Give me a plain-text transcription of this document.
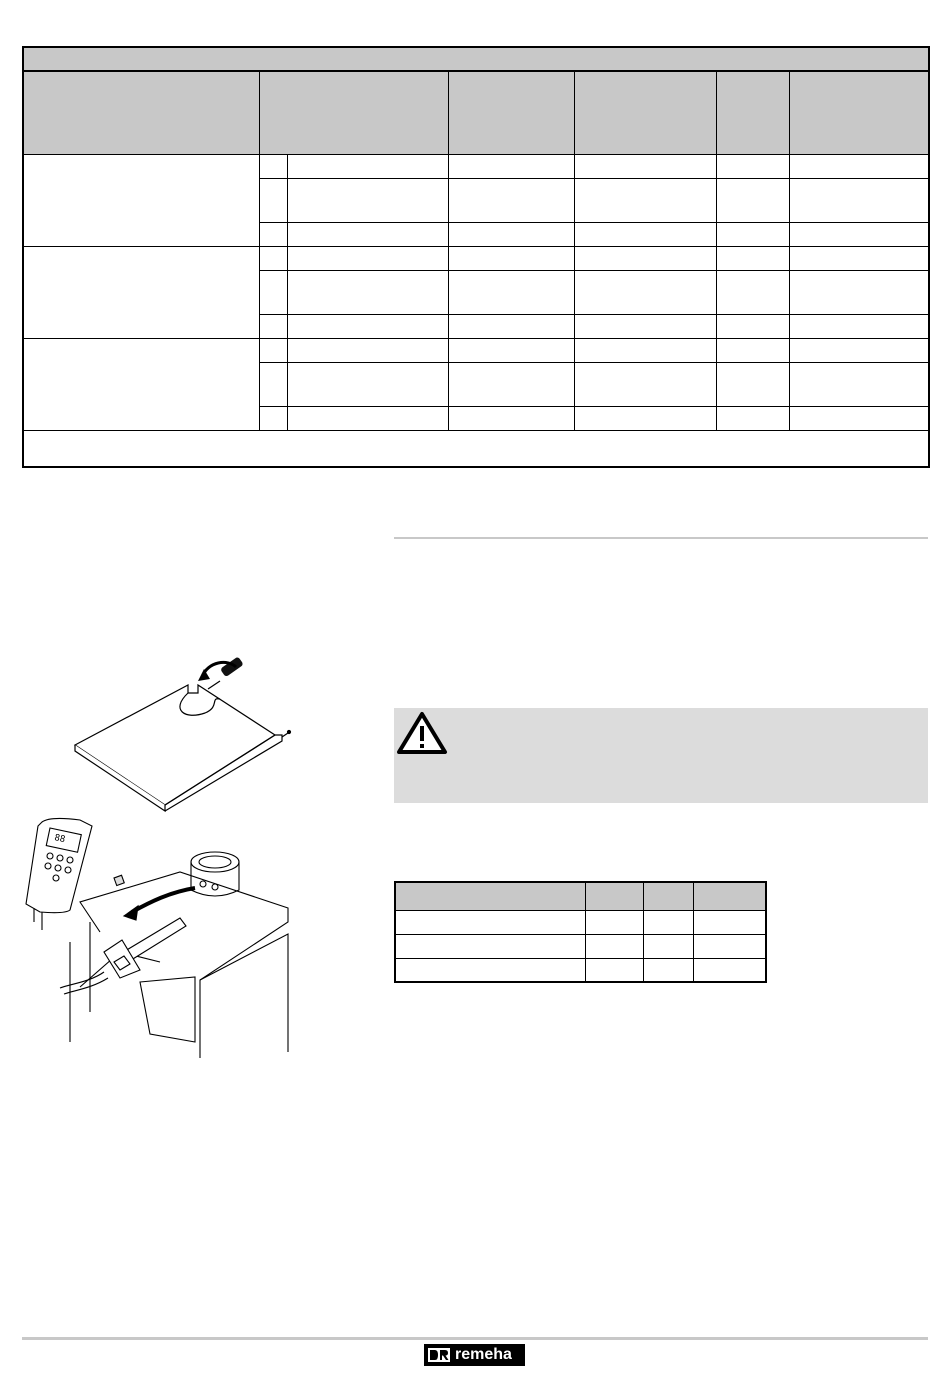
88

remeha
